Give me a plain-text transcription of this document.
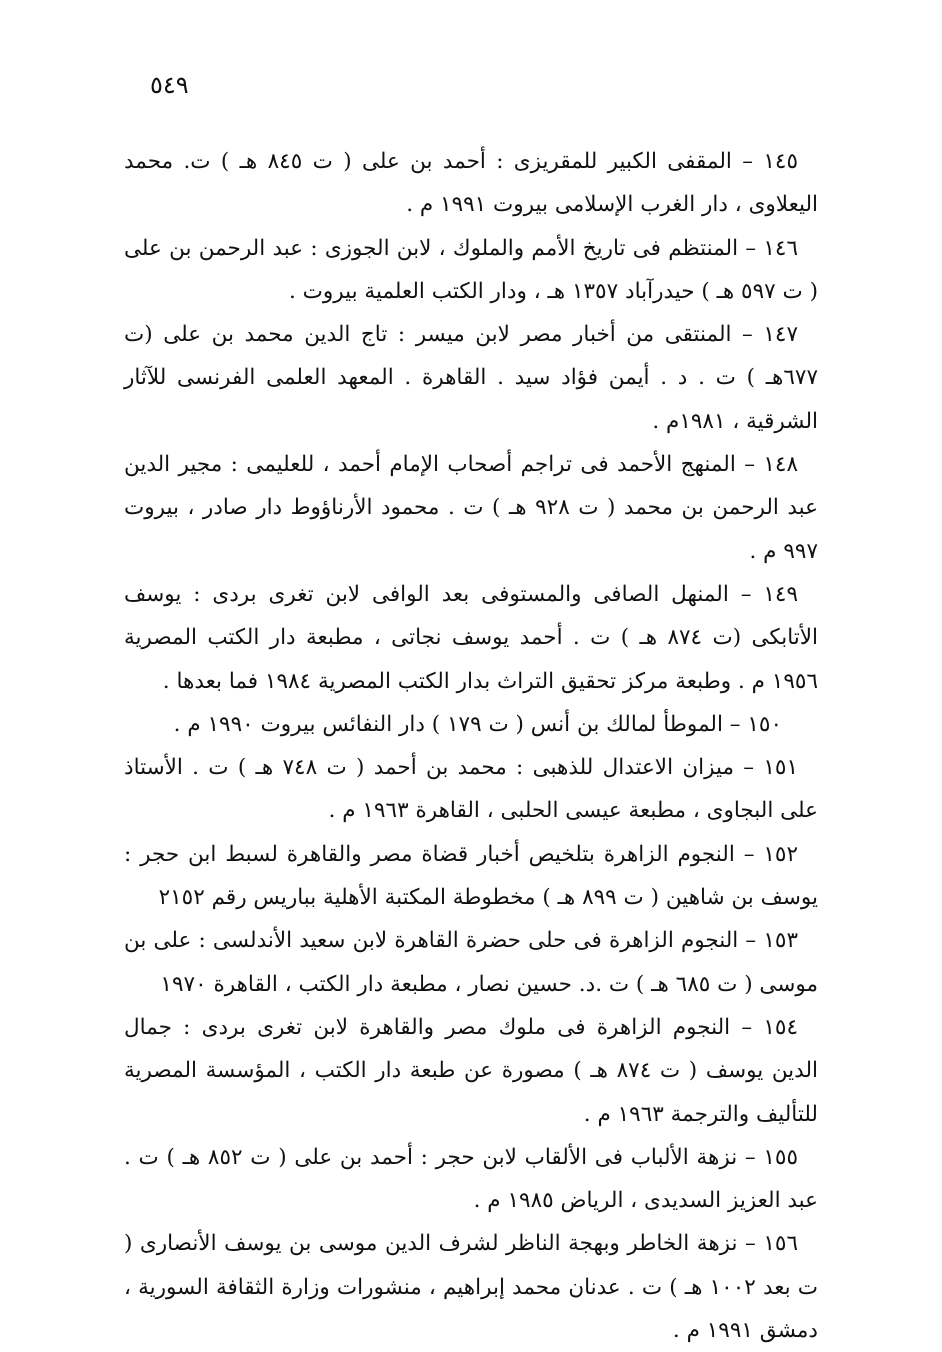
٥٤٩

١٤٥ – المقفى الكبير للمقريزى : أحمد بن على ( ت ٨٤٥ هـ ) ت. محمد اليعلاوى ، دار الغرب الإسلامى بيروت ١٩٩١ م .

١٤٦ – المنتظم فى تاريخ الأمم والملوك ، لابن الجوزى : عبد الرحمن بن على ( ت ٥٩٧ هـ ) حيدرآباد ١٣٥٧ هـ ، ودار الكتب العلمية بيروت .

١٤٧ – المنتقى من أخبار مصر لابن ميسر : تاج الدين محمد بن على (ت ٦٧٧هـ ) ت . د . أيمن فؤاد سيد . القاهرة . المعهد العلمى الفرنسى للآثار الشرقية ، ١٩٨١م .

١٤٨ – المنهج الأحمد فى تراجم أصحاب الإمام أحمد ، للعليمى : مجير الدين عبد الرحمن بن محمد ( ت ٩٢٨ هـ ) ت . محمود الأرناؤوط دار صادر ، بيروت ٩٩٧ م .

١٤٩ – المنهل الصافى والمستوفى بعد الوافى لابن تغرى بردى : يوسف الأتابكى (ت ٨٧٤ هـ ) ت . أحمد يوسف نجاتى ، مطبعة دار الكتب المصرية ١٩٥٦ م . وطبعة مركز تحقيق التراث بدار الكتب المصرية ١٩٨٤ فما بعدها .

١٥٠ – الموطأ لمالك بن أنس ( ت ١٧٩ ) دار النفائس بيروت ١٩٩٠ م .

١٥١ – ميزان الاعتدال للذهبى : محمد بن أحمد ( ت ٧٤٨ هـ ) ت . الأستاذ على البجاوى ، مطبعة عيسى الحلبى ، القاهرة ١٩٦٣ م .

١٥٢ – النجوم الزاهرة بتلخيص أخبار قضاة مصر والقاهرة لسبط ابن حجر : يوسف بن شاهين ( ت ٨٩٩ هـ ) مخطوطة المكتبة الأهلية بباريس رقم ٢١٥٢

١٥٣ – النجوم الزاهرة فى حلى حضرة القاهرة لابن سعيد الأندلسى : على بن موسى ( ت ٦٨٥ هـ ) ت .د. حسين نصار ، مطبعة دار الكتب ، القاهرة ١٩٧٠

١٥٤ – النجوم الزاهرة فى ملوك مصر والقاهرة لابن تغرى بردى : جمال الدين يوسف ( ت ٨٧٤ هـ ) مصورة عن طبعة دار الكتب ، المؤسسة المصرية للتأليف والترجمة ١٩٦٣ م .

١٥٥ – نزهة الألباب فى الألقاب لابن حجر : أحمد بن على ( ت ٨٥٢ هـ ) ت . عبد العزيز السديدى ، الرياض ١٩٨٥ م .

١٥٦ – نزهة الخاطر وبهجة الناظر لشرف الدين موسى بن يوسف الأنصارى ( ت بعد ١٠٠٢ هـ ) ت . عدنان محمد إبراهيم ، منشورات وزارة الثقافة السورية ، دمشق ١٩٩١ م .
